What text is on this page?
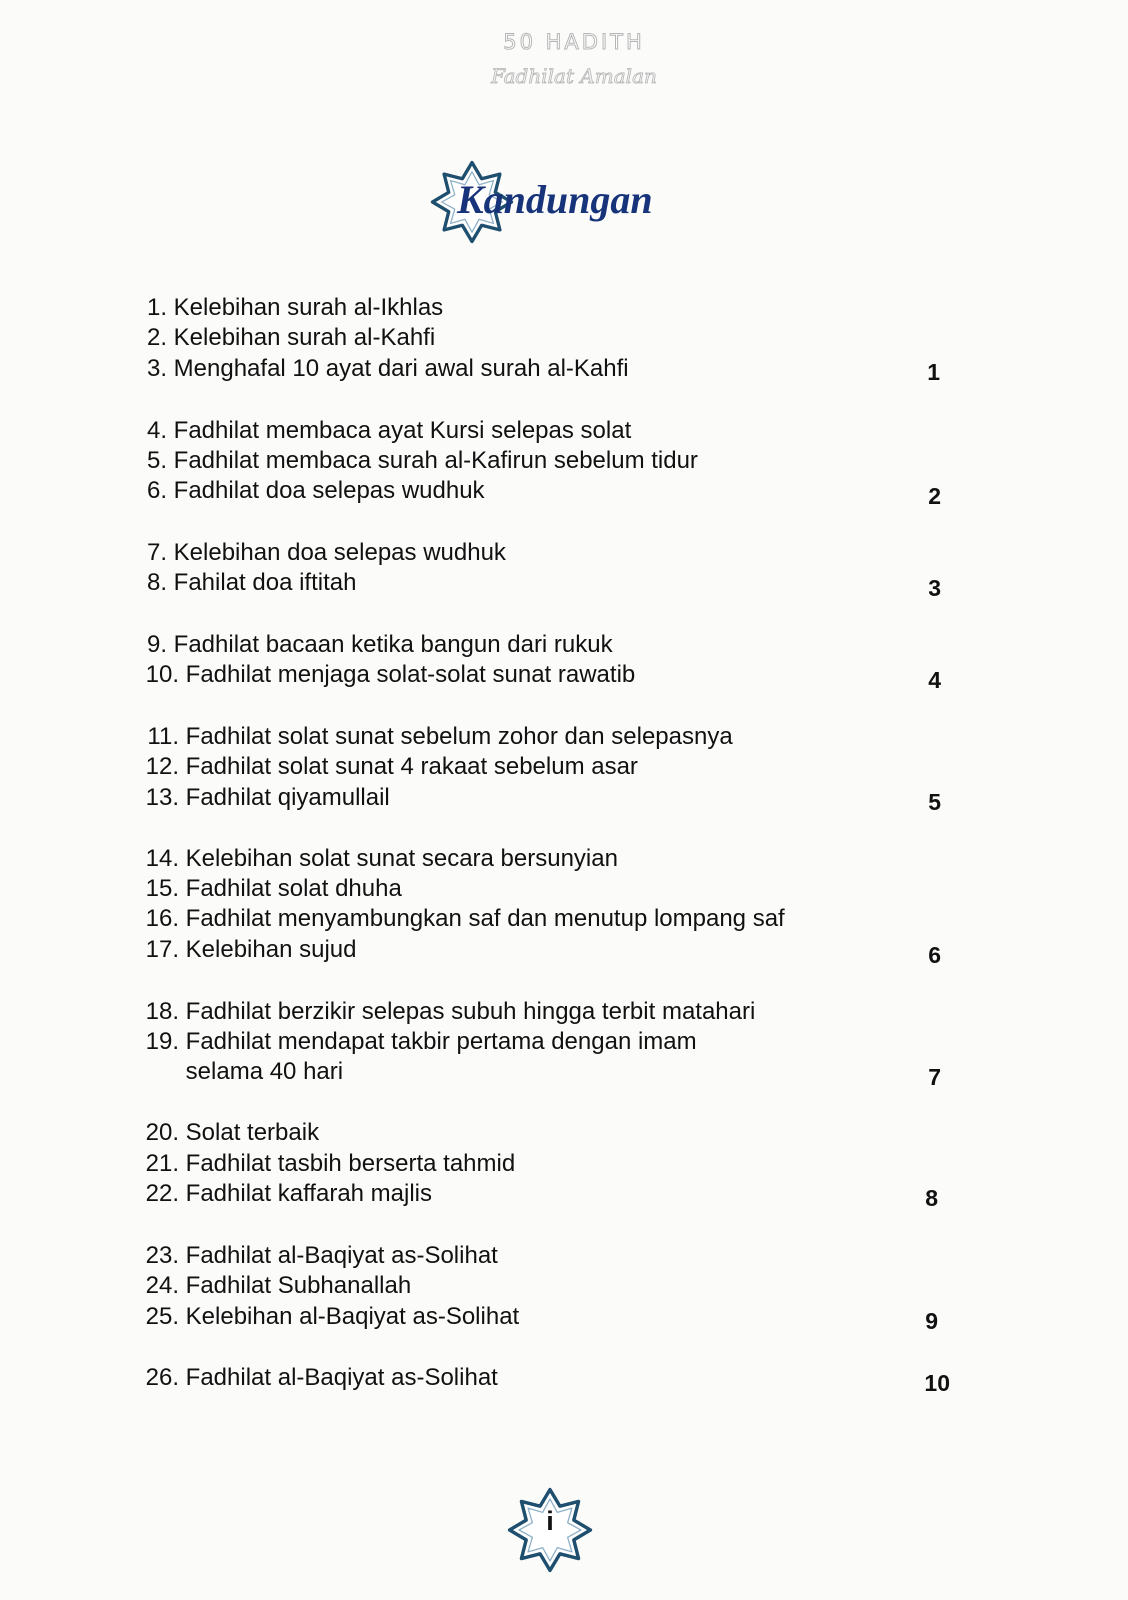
50 HADITH
Fadhilat Amalan
Kandungan
1. Kelebihan surah al-Ikhlas
2. Kelebihan surah al-Kahfi
3. Menghafal 10 ayat dari awal surah al-Kahfi	1
4. Fadhilat membaca ayat Kursi selepas solat
5. Fadhilat membaca surah al-Kafirun sebelum tidur
6. Fadhilat doa selepas wudhuk	2
7. Kelebihan doa selepas wudhuk
8. Fahilat doa iftitah	3
9. Fadhilat bacaan ketika bangun dari rukuk
10. Fadhilat menjaga solat-solat sunat rawatib	4
11. Fadhilat solat sunat sebelum zohor dan selepasnya
12. Fadhilat solat sunat 4 rakaat sebelum asar
13. Fadhilat qiyamullail	5
14. Kelebihan solat sunat secara bersunyian
15. Fadhilat solat dhuha
16. Fadhilat menyambungkan saf dan menutup lompang saf
17. Kelebihan sujud	6
18. Fadhilat berzikir selepas subuh hingga terbit matahari
19. Fadhilat mendapat takbir pertama dengan imam
selama 40 hari	7
20. Solat terbaik
21. Fadhilat tasbih berserta tahmid
22. Fadhilat kaffarah majlis	8
23. Fadhilat al-Baqiyat as-Solihat
24. Fadhilat Subhanallah
25. Kelebihan al-Baqiyat as-Solihat	9
26. Fadhilat al-Baqiyat as-Solihat	10
i
